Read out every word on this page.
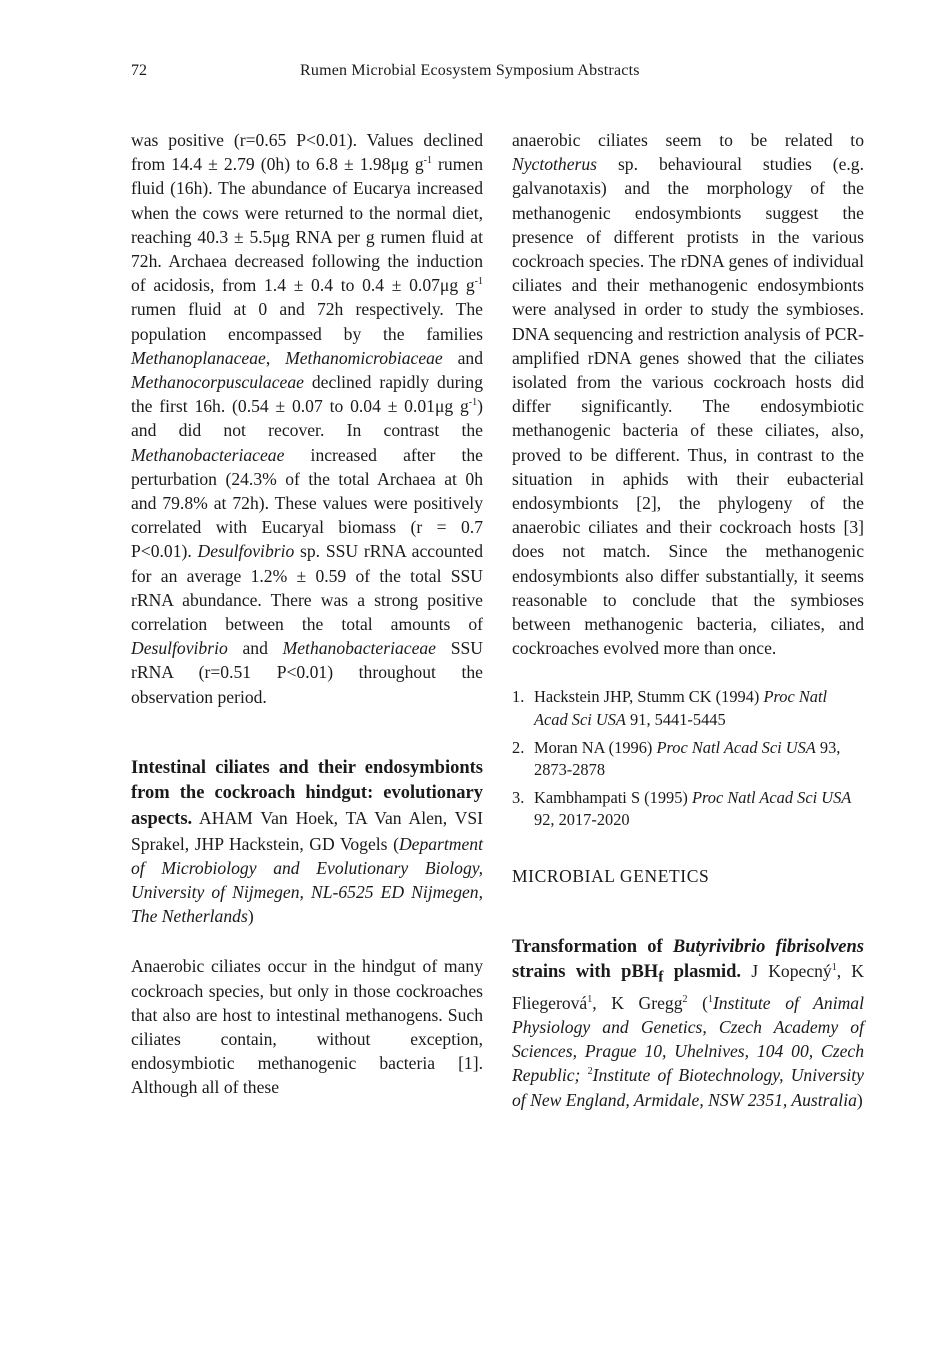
72	Rumen Microbial Ecosystem Symposium Abstracts

was positive (r=0.65 P<0.01). Values declined from 14.4 ± 2.79 (0h) to 6.8 ± 1.98μg $g^{-1}$ rumen fluid (16h). The abundance of Eucarya increased when the cows were returned to the normal diet, reaching 40.3 ± 5.5μg RNA per g rumen fluid at 72h. Archaea decreased following the induction of acidosis, from 1.4 ± 0.4 to 0.4 ± 0.07μg $g^{-1}$ rumen fluid at 0 and 72h respectively. The population encompassed by the families Methanoplanaceae, Methanomicrobiaceae and Methanocorpusculaceae declined rapidly during the first 16h. (0.54 ± 0.07 to 0.04 ± 0.01μg $g^{-1}$) and did not recover. In contrast the Methanobacteriaceae increased after the perturbation (24.3% of the total Archaea at 0h and 79.8% at 72h). These values were positively correlated with Eucaryal biomass (r = 0.7 P<0.01). Desulfovibrio sp. SSU rRNA accounted for an average 1.2% ± 0.59 of the total SSU rRNA abundance. There was a strong positive correlation between the total amounts of Desulfovibrio and Methanobacteriaceae SSU rRNA (r=0.51 P<0.01) throughout the observation period.

Intestinal ciliates and their endosymbionts from the cockroach hindgut: evolutionary aspects. AHAM Van Hoek, TA Van Alen, VSI Sprakel, JHP Hackstein, GD Vogels (Department of Microbiology and Evolutionary Biology, University of Nijmegen, NL-6525 ED Nijmegen, The Netherlands)

Anaerobic ciliates occur in the hindgut of many cockroach species, but only in those cockroaches that also are host to intestinal methanogens. Such ciliates contain, without exception, endosymbiotic methanogenic bacteria [1]. Although all of these

anaerobic ciliates seem to be related to Nyctotherus sp. behavioural studies (e.g. galvanotaxis) and the morphology of the methanogenic endosymbionts suggest the presence of different protists in the various cockroach species. The rDNA genes of individual ciliates and their methanogenic endosymbionts were analysed in order to study the symbioses. DNA sequencing and restriction analysis of PCR-amplified rDNA genes showed that the ciliates isolated from the various cockroach hosts did differ significantly. The endosymbiotic methanogenic bacteria of these ciliates, also, proved to be different. Thus, in contrast to the situation in aphids with their eubacterial endosymbionts [2], the phylogeny of the anaerobic ciliates and their cockroach hosts [3] does not match. Since the methanogenic endosymbionts also differ substantially, it seems reasonable to conclude that the symbioses between methanogenic bacteria, ciliates, and cockroaches evolved more than once.

1. Hackstein JHP, Stumm CK (1994) Proc Natl Acad Sci USA 91, 5441-5445
2. Moran NA (1996) Proc Natl Acad Sci USA 93, 2873-2878
3. Kambhampati S (1995) Proc Natl Acad Sci USA 92, 2017-2020

MICROBIAL GENETICS

Transformation of Butyrivibrio fibrisolvens strains with pBH$_f$ plasmid. J Kopecný$^1$, K Fliegerová$^1$, K Gregg$^2$ ($^1$Institute of Animal Physiology and Genetics, Czech Academy of Sciences, Prague 10, Uhelnives, 104 00, Czech Republic; $^2$Institute of Biotechnology, University of New England, Armidale, NSW 2351, Australia)
